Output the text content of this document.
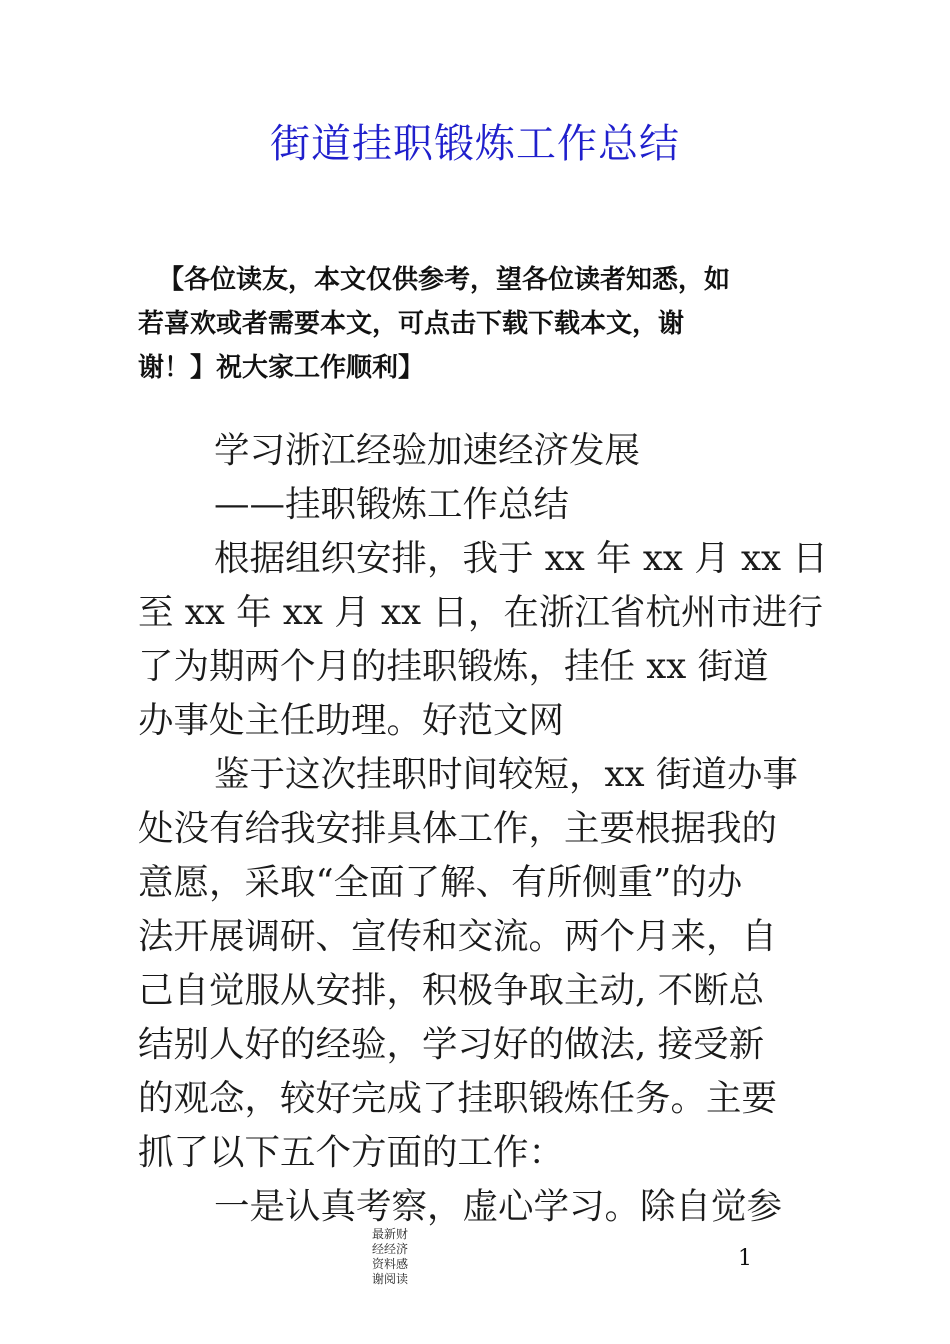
街道挂职锻炼工作总结
【各位读友，本文仅供参考，望各位读者知悉，如
若喜欢或者需要本文，可点击下载下载本文，谢
谢！】祝大家工作顺利】
学习浙江经验加速经济发展
——挂职锻炼工作总结
根据组织安排，我于 xx 年 xx 月 xx 日
至 xx 年 xx 月 xx 日，在浙江省杭州市进行
了为期两个月的挂职锻炼，挂任 xx 街道
办事处主任助理。好范文网
鉴于这次挂职时间较短，xx 街道办事
处没有给我安排具体工作，主要根据我的
意愿，采取“全面了解、有所侧重”的办
法开展调研、宣传和交流。两个月来，自
己自觉服从安排，积极争取主动, 不断总
结别人好的经验，学习好的做法, 接受新
的观念，较好完成了挂职锻炼任务。主要
抓了以下五个方面的工作：
一是认真考察，虚心学习。除自觉参
最新财
经经济
资料感
谢阅读
1
